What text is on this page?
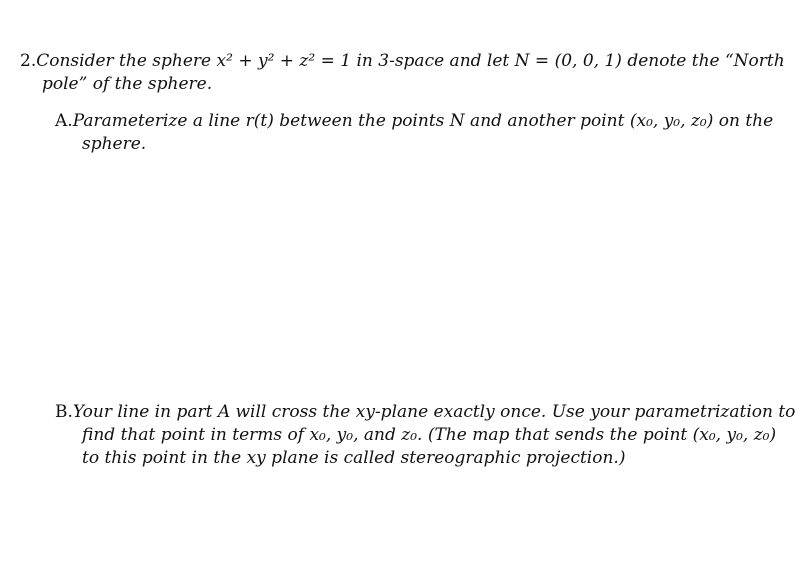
2. Consider the sphere x² + y² + z² = 1 in 3-space and let N = (0, 0, 1) denote the “North
pole” of the sphere.
A. Parameterize a line r(t) between the points N and another point (x₀, y₀, z₀) on the
sphere.
B. Your line in part A will cross the xy-plane exactly once. Use your parametrization to
find that point in terms of x₀, y₀, and z₀. (The map that sends the point (x₀, y₀, z₀)
to this point in the xy plane is called stereographic projection.)
